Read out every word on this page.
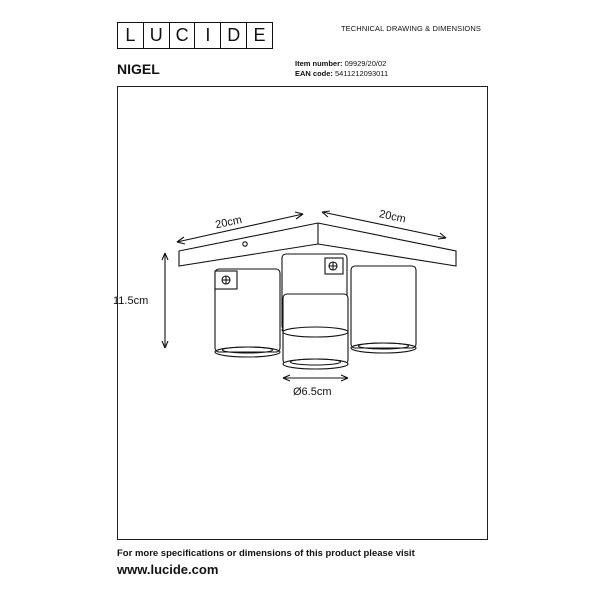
L U C I D E	TECHNICAL DRAWING & DIMENSIONS
NIGEL	Item number: 09929/20/02
EAN code: 5411212093011
20cm	20cm
11.5cm
Ø6.5cm
For more specifications or dimensions of this product please visit
www.lucide.com
